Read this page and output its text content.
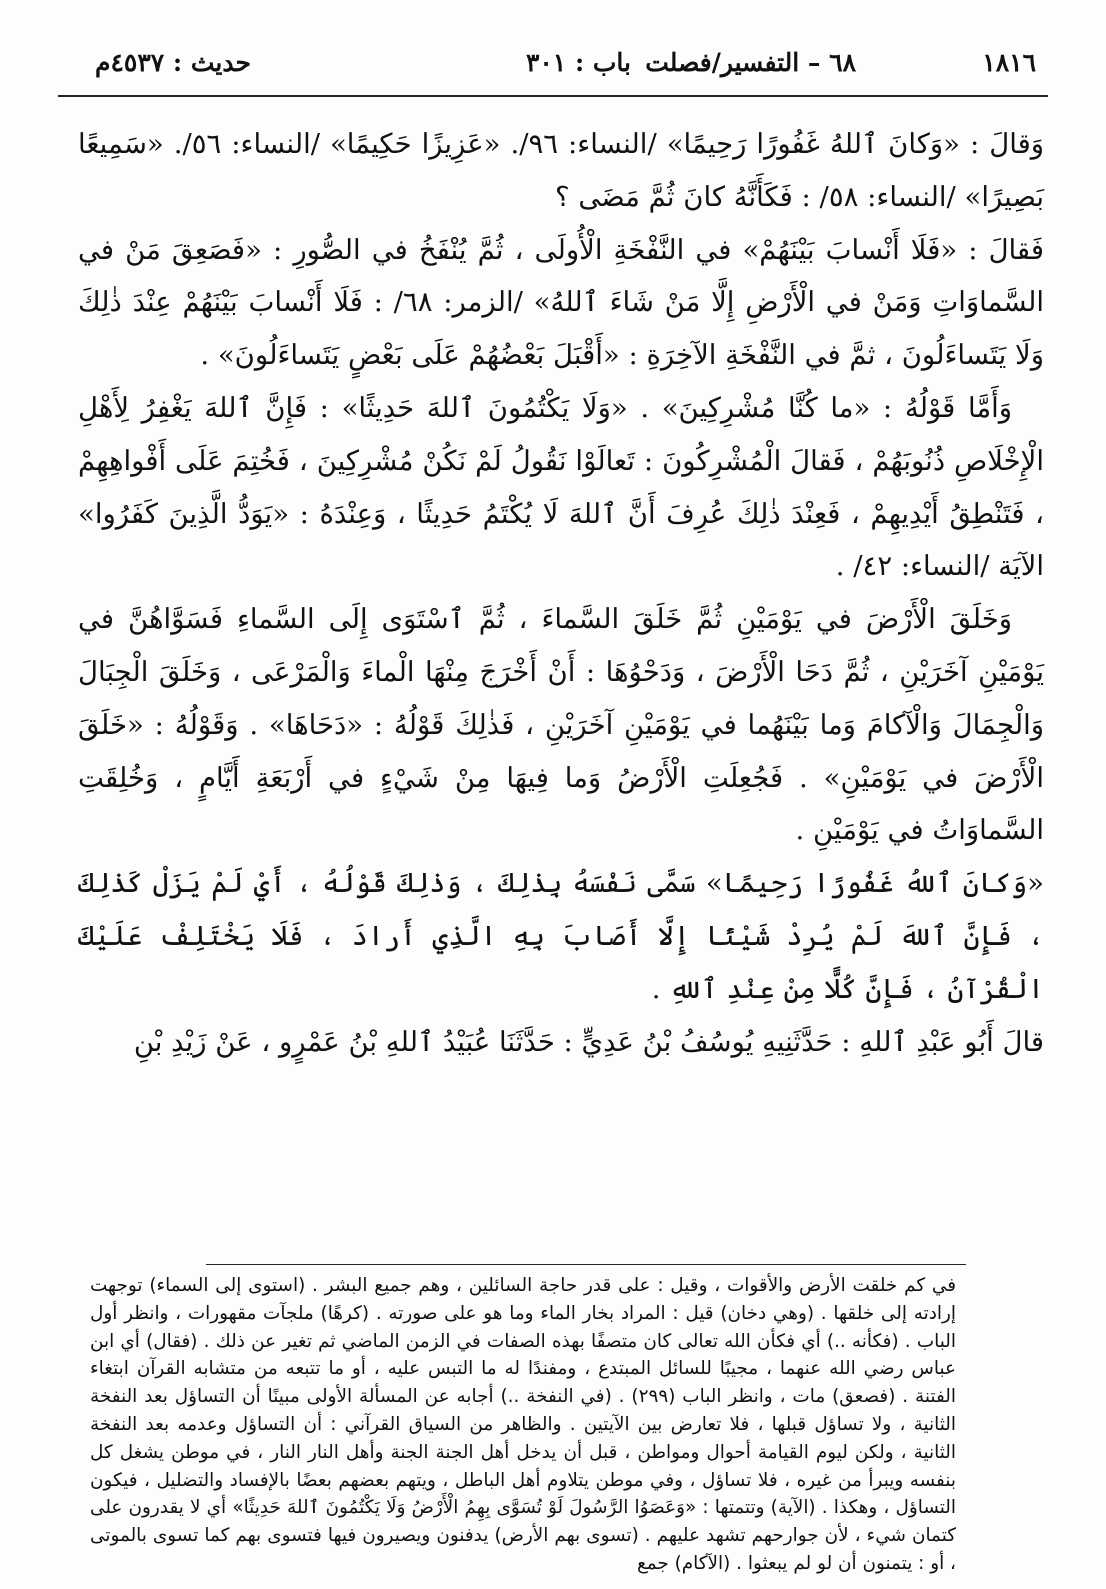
١٨١٦
٦٨ – التفسير/فصلت
باب : ٣٠١
حديث : ٤٥٣٧م

وَقالَ : «وَكانَ ٱللهُ غَفُورًا رَحِيمًا» /النساء: ٩٦/. «عَزِيزًا حَكِيمًا» /النساء: ٥٦/. «سَمِيعًا بَصِيرًا» /النساء: ٥٨/ : فَكَأَنَّهُ كانَ ثُمَّ مَضَى ؟

فَقالَ : «فَلَا أَنْسابَ بَيْنَهُمْ» في النَّفْخَةِ الْأُولَى ، ثُمَّ يُنْفَخُ في الصُّورِ : «فَصَعِقَ مَنْ في السَّماوَاتِ وَمَنْ في الْأَرْضِ إِلَّا مَنْ شَاءَ ٱللهُ» /الزمر: ٦٨/ : فَلَا أَنْسابَ بَيْنَهُمْ عِنْدَ ذٰلِكَ وَلَا يَتَساءَلُونَ ، ثمَّ في النَّفْخَةِ الآخِرَةِ : «أَقْبَلَ بَعْضُهُمْ عَلَى بَعْضٍ يَتَساءَلُونَ» .

وَأَمَّا قَوْلُهُ : «ما كُنَّا مُشْرِكِينَ» . «وَلَا يَكْتُمُونَ ٱللهَ حَدِيثًا» : فَإِنَّ ٱللهَ يَغْفِرُ لِأَهْلِ الْإِخْلَاصِ ذُنُوبَهُمْ ، فَقالَ الْمُشْرِكُونَ : تَعالَوْا نَقُولُ لَمْ نَكُنْ مُشْرِكِينَ ، فَخُتِمَ عَلَى أَفْواهِهِمْ ، فَتَنْطِقُ أَيْدِيهِمْ ، فَعِنْدَ ذٰلِكَ عُرِفَ أَنَّ ٱللهَ لَا يُكْتَمُ حَدِيثًا ، وَعِنْدَهُ : «يَوَدُّ الَّذِينَ كَفَرُوا» الآيَة /النساء: ٤٢/ .

وَخَلَقَ الْأَرْضَ في يَوْمَيْنِ ثُمَّ خَلَقَ السَّماءَ ، ثُمَّ ٱسْتَوَى إِلَى السَّماءِ فَسَوَّاهُنَّ في يَوْمَيْنِ آخَرَيْنِ ، ثُمَّ دَحَا الْأَرْضَ ، وَدَحْوُهَا : أَنْ أَخْرَجَ مِنْهَا الْماءَ وَالْمَرْعَى ، وَخَلَقَ الْجِبَالَ وَالْجِمَالَ وَالْآكامَ وَما بَيْنَهُما في يَوْمَيْنِ آخَرَيْنِ ، فَذٰلِكَ قَوْلُهُ : «دَحَاهَا» . وَقَوْلُهُ : «خَلَقَ الْأَرْضَ في يَوْمَيْنِ» . فَجُعِلَتِ الْأَرْضُ وَما فِيهَا مِنْ شَيْءٍ في أَرْبَعَةِ أَيَّامٍ ، وَخُلِقَتِ السَّماوَاتُ في يَوْمَيْنِ .

«وَكانَ ٱللهُ غَفُورًا رَحِيمًا» سَمَّى نَفْسَهُ بِذٰلِكَ ، وَذٰلِكَ قَوْلُهُ ، أَيْ لَمْ يَزَلْ كَذٰلِكَ ، فَإِنَّ ٱللهَ لَمْ يُرِدْ شَيْئًا إِلَّا أَصَابَ بِهِ الَّذِي أَرادَ ، فَلَا يَخْتَلِفْ عَلَيْكَ الْقُرْآنُ ، فَإِنَّ كُلًّا مِنْ عِنْدِ ٱللهِ .

قالَ أَبُو عَبْدِ ٱللهِ : حَدَّثَنِيهِ يُوسُفُ بْنُ عَدِيٍّ : حَدَّثَنَا عُبَيْدُ ٱللهِ بْنُ عَمْرٍو ، عَنْ زَيْدِ بْنِ

في كم خلقت الأرض والأقوات ، وقيل : على قدر حاجة السائلين ، وهم جميع البشر . (استوى إلى السماء) توجهت إرادته إلى خلقها . (وهي دخان) قيل : المراد بخار الماء وما هو على صورته . (كرهًا) ملجآت مقهورات ، وانظر أول الباب . (فكأنه ..) أي فكأن الله تعالى كان متصفًا بهذه الصفات في الزمن الماضي ثم تغير عن ذلك . (فقال) أي ابن عباس رضي الله عنهما ، مجيبًا للسائل المبتدع ، ومفندًا له ما التبس عليه ، أو ما تتبعه من متشابه القرآن ابتغاء الفتنة . (فصعق) مات ، وانظر الباب (٢٩٩) . (في النفخة ..) أجابه عن المسألة الأولى مبينًا أن التساؤل بعد النفخة الثانية ، ولا تساؤل قبلها ، فلا تعارض بين الآيتين . والظاهر من السياق القرآني : أن التساؤل وعدمه بعد النفخة الثانية ، ولكن ليوم القيامة أحوال ومواطن ، قبل أن يدخل أهل الجنة الجنة وأهل النار النار ، في موطن يشغل كل بنفسه ويبرأ من غيره ، فلا تساؤل ، وفي موطن يتلاوم أهل الباطل ، ويتهم بعضهم بعضًا بالإفساد والتضليل ، فيكون التساؤل ، وهكذا . (الآية) وتتمتها : «وَعَصَوُا الرَّسُولَ لَوْ تُسَوَّى بِهِمُ الْأَرْضُ وَلَا يَكْتُمُونَ ٱللهَ حَدِيثًا» أي لا يقدرون على كتمان شيء ، لأن جوارحهم تشهد عليهم . (تسوى بهم الأرض) يدفنون ويصيرون فيها فتسوى بهم كما تسوى بالموتى ، أو : يتمنون أن لو لم يبعثوا . (الآكام) جمع
